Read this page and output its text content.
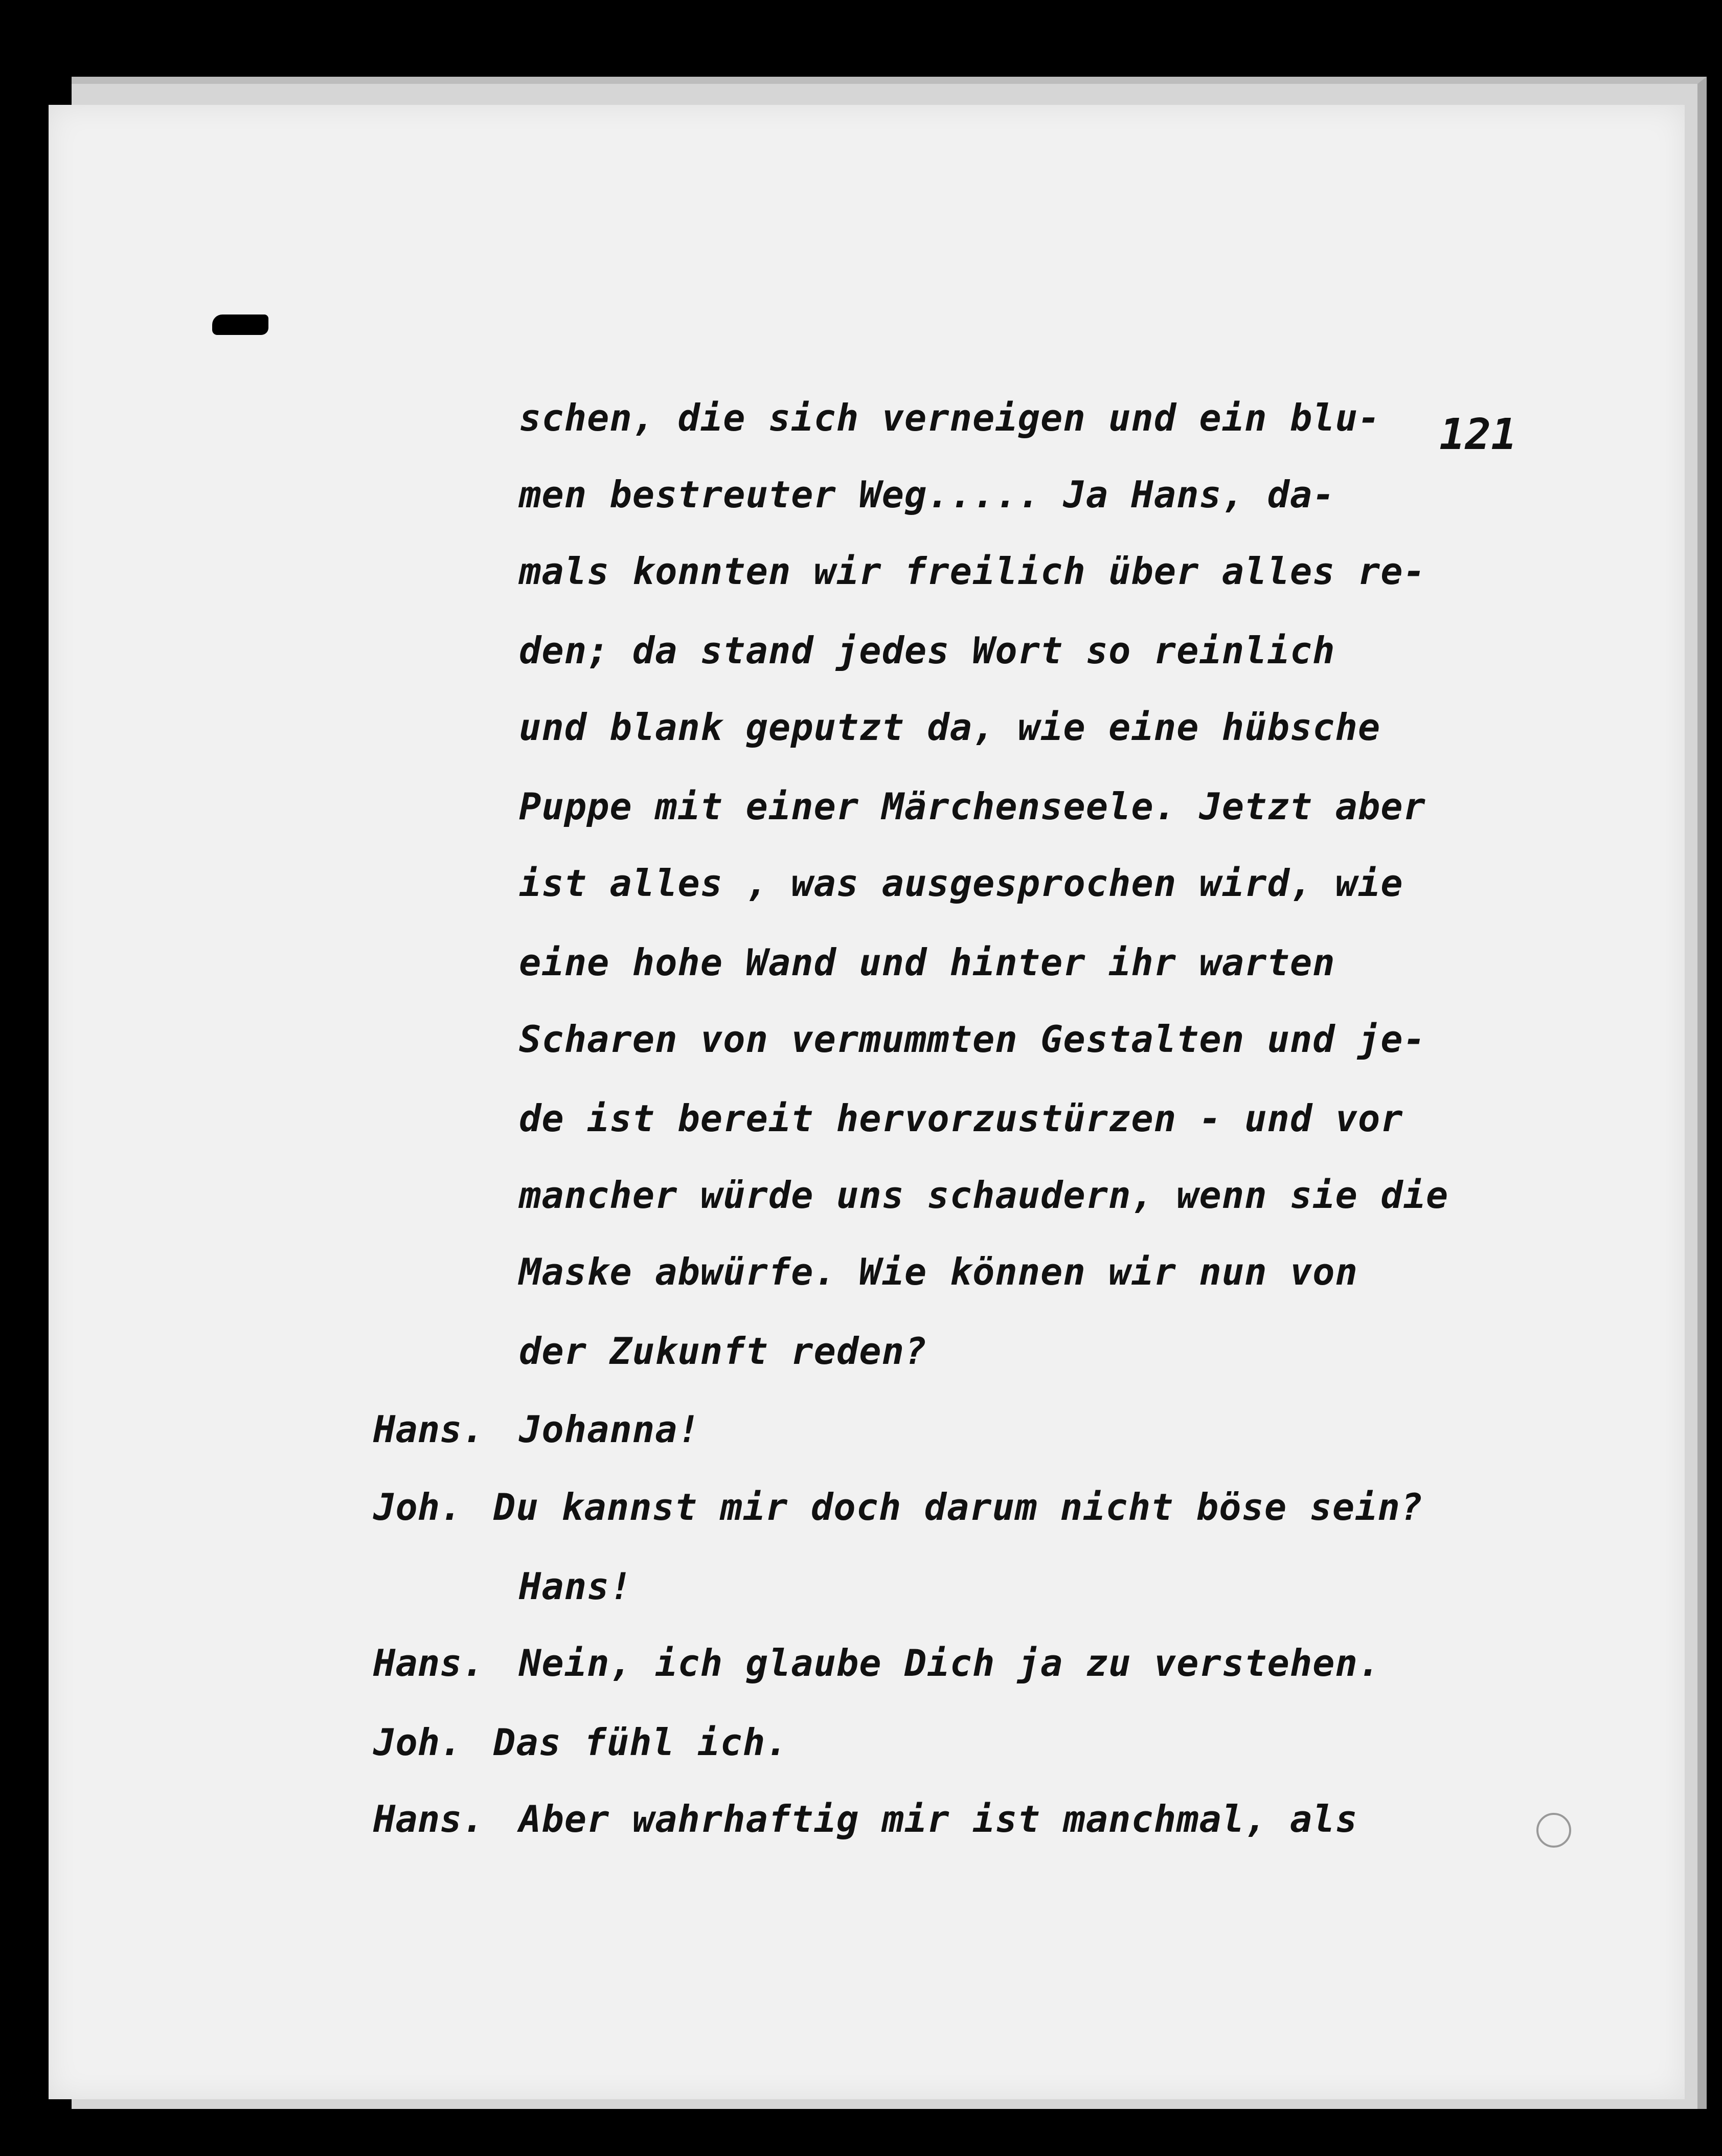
121
schen, die sich verneigen und ein blu-
men bestreuter Weg..... Ja Hans, da-
mals konnten wir freilich über alles re-
den; da stand jedes Wort so reinlich
und blank geputzt da, wie eine hübsche
Puppe mit einer Märchenseele. Jetzt aber
ist alles , was ausgesprochen wird, wie
eine hohe Wand und hinter ihr warten
Scharen von vermummten Gestalten und je-
de ist bereit hervorzustürzen - und vor
mancher würde uns schaudern, wenn sie die
Maske abwürfe. Wie können wir nun von
der Zukunft reden?
Hans. Johanna!
Joh. Du kannst mir doch darum nicht böse sein?
Hans!
Hans. Nein, ich glaube Dich ja zu verstehen.
Joh. Das fühl ich.
Hans. Aber wahrhaftig mir ist manchmal, als
